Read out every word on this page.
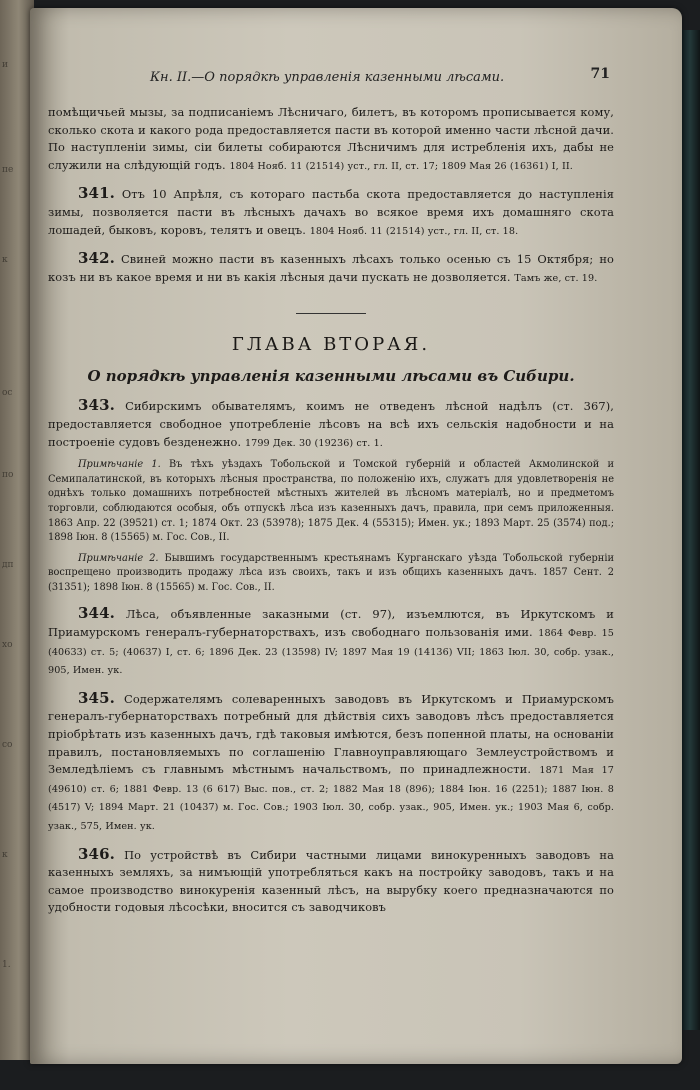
и
пе
к
ос
по
дп
хо
со
к
1.
Кн. II.—О порядкѣ управленія казенными лѣсами.	71

помѣщичьей мызы, за подписаніемъ Лѣсничаго, билетъ, въ которомъ прописывается кому, сколько скота и какого рода предоставляется пасти въ которой именно части лѣсной дачи. По наступленіи зимы, сіи билеты собираются Лѣсничимъ для истребленія ихъ, дабы не служили на слѣдующій годъ. 1804 Нояб. 11 (21514) уст., гл. II, ст. 17; 1809 Мая 26 (16361) I, II.

341. Отъ 10 Апрѣля, съ котораго пастьба скота предоставляется до наступленія зимы, позволяется пасти въ лѣсныхъ дачахъ во всякое время ихъ домашняго скота лошадей, быковъ, коровъ, телятъ и овецъ. 1804 Нояб. 11 (21514) уст., гл. II, ст. 18.

342. Свиней можно пасти въ казенныхъ лѣсахъ только осенью съ 15 Октября; но козъ ни въ какое время и ни въ какія лѣсныя дачи пускать не дозволяется. Тамъ же, ст. 19.

ГЛАВА ВТОРАЯ.
О порядкѣ управленія казенными лѣсами въ Сибири.

343. Сибирскимъ обывателямъ, коимъ не отведенъ лѣсной надѣлъ (ст. 367), предоставляется свободное употребленіе лѣсовъ на всѣ ихъ сельскія надобности и на построеніе судовъ безденежно. 1799 Дек. 30 (19236) ст. 1.

Примѣчаніе 1. Въ тѣхъ уѣздахъ Тобольской и Томской губерній и областей Акмолинской и Семипалатинской, въ которыхъ лѣсныя пространства, по положенію ихъ, служатъ для удовлетворенія не однѣхъ только домашнихъ потребностей мѣстныхъ жителей въ лѣсномъ матеріалѣ, но и предметомъ торговли, соблюдаются особыя, объ отпускѣ лѣса изъ казенныхъ дачъ, правила, при семъ приложенныя. 1863 Апр. 22 (39521) ст. 1; 1874 Окт. 23 (53978); 1875 Дек. 4 (55315); Имен. ук.; 1893 Март. 25 (3574) под.; 1898 Іюн. 8 (15565) м. Гос. Сов., II.

Примѣчаніе 2. Бывшимъ государственнымъ крестьянамъ Курганскаго уѣзда Тобольской губерніи воспрещено производить продажу лѣса изъ своихъ, такъ и изъ общихъ казенныхъ дачъ. 1857 Сент. 2 (31351); 1898 Іюн. 8 (15565) м. Гос. Сов., II.

344. Лѣса, объявленные заказными (ст. 97), изъемлются, въ Иркутскомъ и Приамурскомъ генералъ-губернаторствахъ, изъ свободнаго пользованія ими. 1864 Февр. 15 (40633) ст. 5; (40637) I, ст. 6; 1896 Дек. 23 (13598) IV; 1897 Мая 19 (14136) VII; 1863 Іюл. 30, собр. узак., 905, Имен. ук.

345. Содержателямъ солеваренныхъ заводовъ въ Иркутскомъ и Приамурскомъ генералъ-губернаторствахъ потребный для дѣйствія сихъ заводовъ лѣсъ предоставляется пріобрѣтать изъ казенныхъ дачъ, гдѣ таковыя имѣются, безъ попенной платы, на основаніи правилъ, постановляемыхъ по соглашенію Главноуправляющаго Землеустройствомъ и Земледѣліемъ съ главнымъ мѣстнымъ начальствомъ, по принадлежности. 1871 Мая 17 (49610) ст. 6; 1881 Февр. 13 (6 617) Выс. пов., ст. 2; 1882 Мая 18 (896); 1884 Іюн. 16 (2251); 1887 Іюн. 8 (4517) V; 1894 Март. 21 (10437) м. Гос. Сов.; 1903 Іюл. 30, собр. узак., 905, Имен. ук.; 1903 Мая 6, собр. узак., 575, Имен. ук.

346. По устройствѣ въ Сибири частными лицами винокуренныхъ заводовъ на казенныхъ земляхъ, за нимъющій употребляться какъ на постройку заводовъ, такъ и на самое производство винокуренія казенный лѣсъ, на вырубку коего предназначаются по удобности годовыя лѣсосѣки, вносится съ заводчиковъ
